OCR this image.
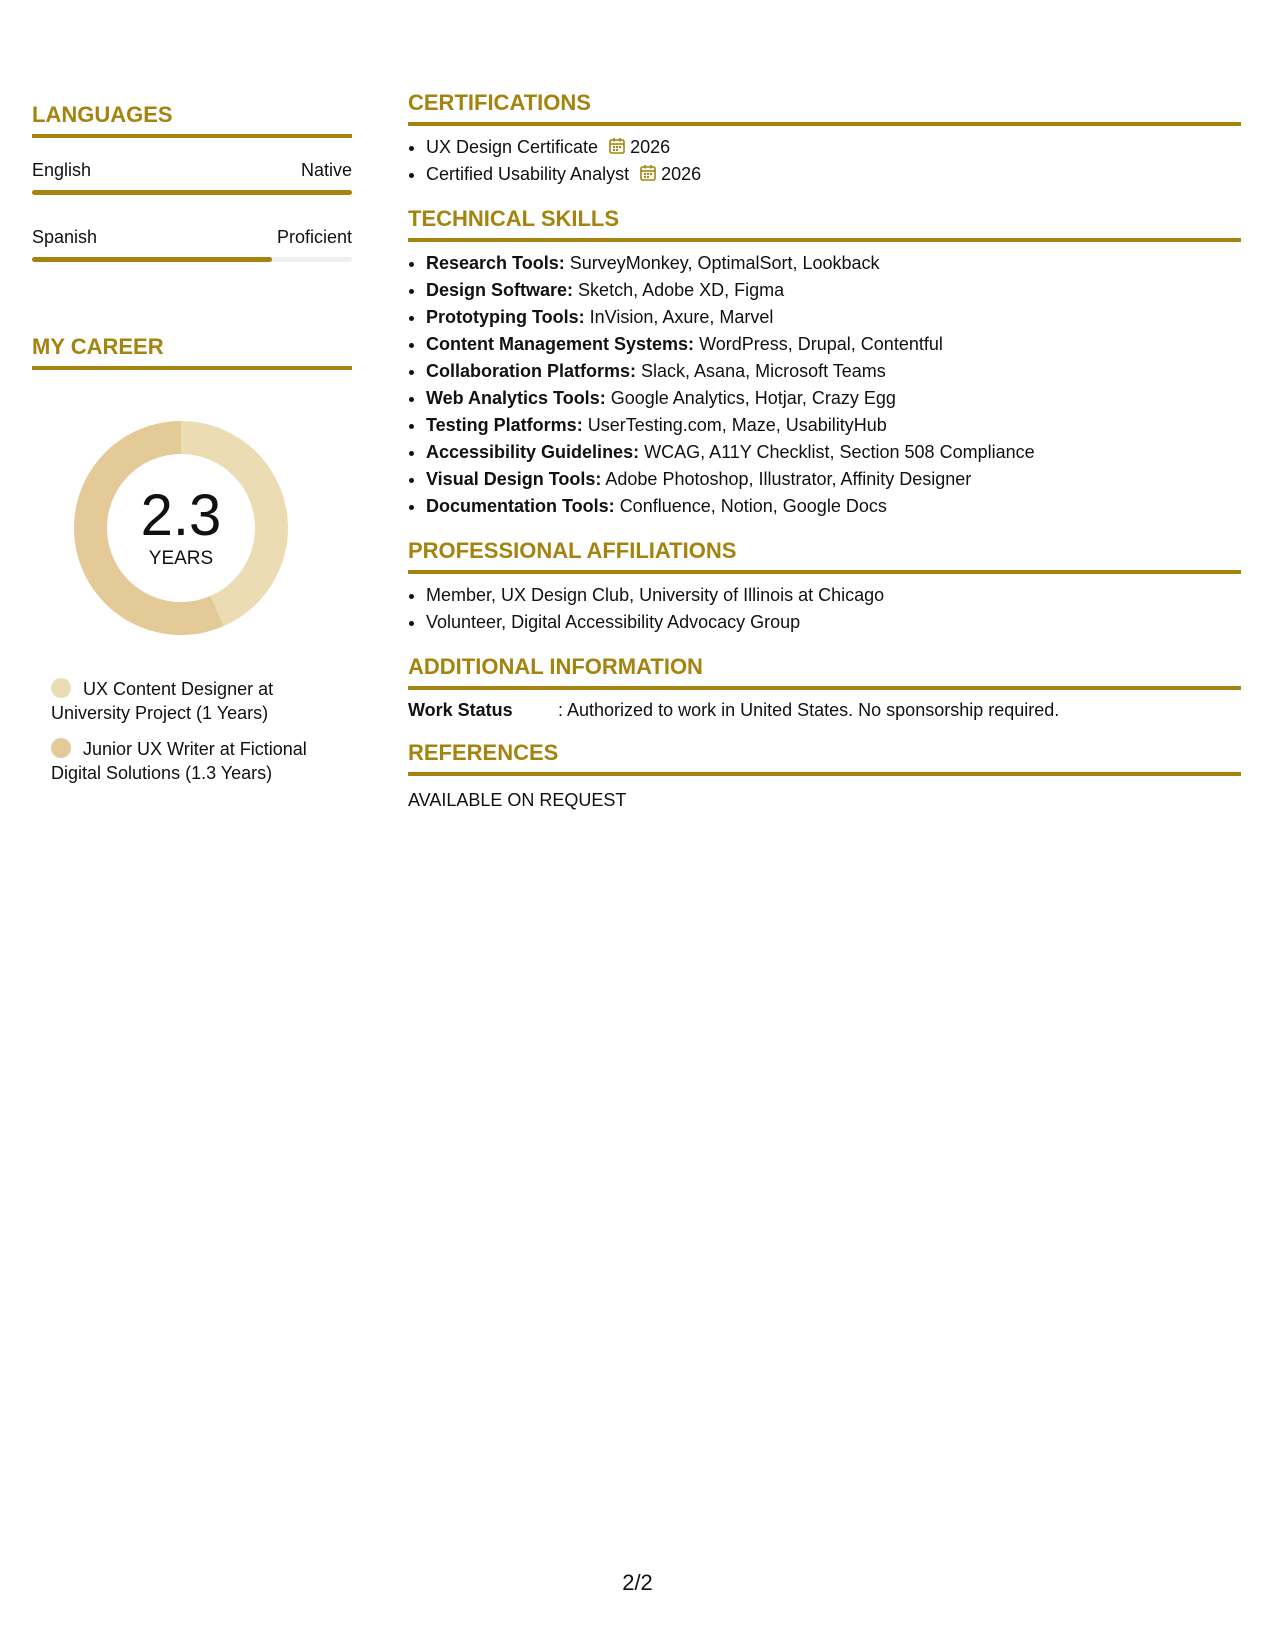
LANGUAGES
English	Native
Spanish	Proficient
MY CAREER
2.3
YEARS
UX Content Designer at University Project (1 Years)
Junior UX Writer at Fictional Digital Solutions (1.3 Years)
CERTIFICATIONS
• UX Design Certificate 2026
• Certified Usability Analyst 2026
TECHNICAL SKILLS
• Research Tools: SurveyMonkey, OptimalSort, Lookback
• Design Software: Sketch, Adobe XD, Figma
• Prototyping Tools: InVision, Axure, Marvel
• Content Management Systems: WordPress, Drupal, Contentful
• Collaboration Platforms: Slack, Asana, Microsoft Teams
• Web Analytics Tools: Google Analytics, Hotjar, Crazy Egg
• Testing Platforms: UserTesting.com, Maze, UsabilityHub
• Accessibility Guidelines: WCAG, A11Y Checklist, Section 508 Compliance
• Visual Design Tools: Adobe Photoshop, Illustrator, Affinity Designer
• Documentation Tools: Confluence, Notion, Google Docs
PROFESSIONAL AFFILIATIONS
• Member, UX Design Club, University of Illinois at Chicago
• Volunteer, Digital Accessibility Advocacy Group
ADDITIONAL INFORMATION
Work Status	: Authorized to work in United States. No sponsorship required.
REFERENCES
AVAILABLE ON REQUEST
2/2
